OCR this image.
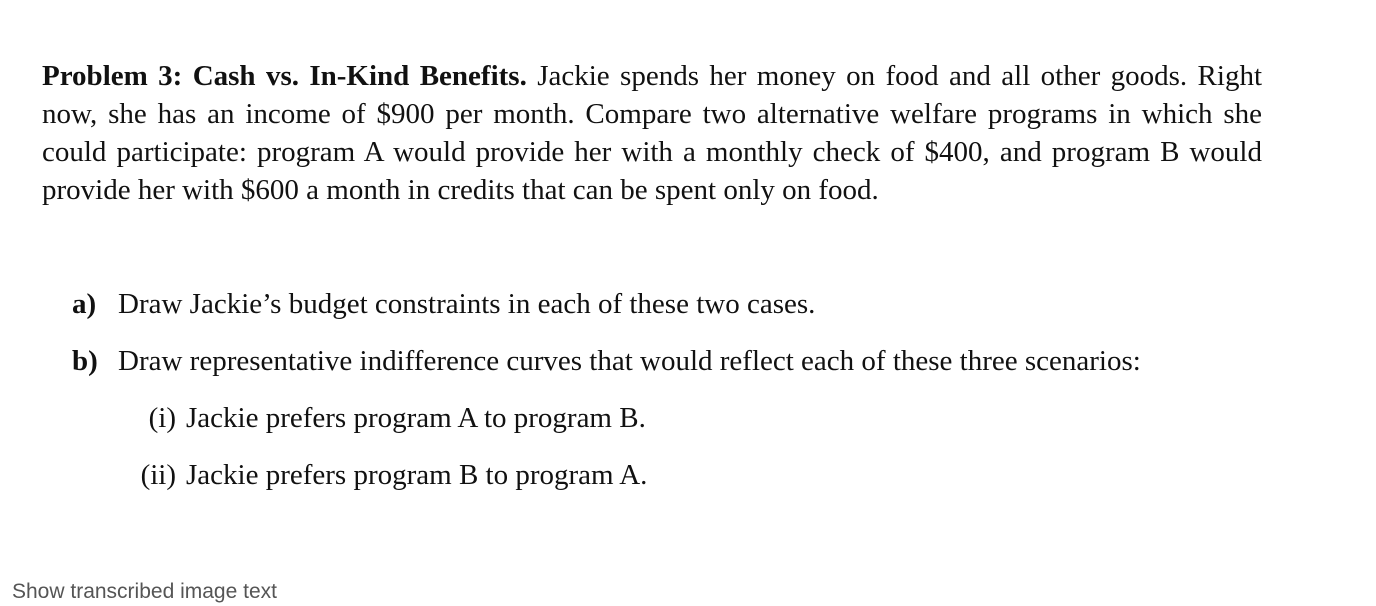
Problem 3: Cash vs. In-Kind Benefits. Jackie spends her money on food and all other goods. Right now, she has an income of $900 per month. Compare two alternative welfare programs in which she could participate: program A would provide her with a monthly check of $400, and program B would provide her with $600 a month in credits that can be spent only on food.

a) Draw Jackie’s budget constraints in each of these two cases.
b) Draw representative indifference curves that would reflect each of these three scenarios:
(i) Jackie prefers program A to program B.
(ii) Jackie prefers program B to program A.
Show transcribed image text
